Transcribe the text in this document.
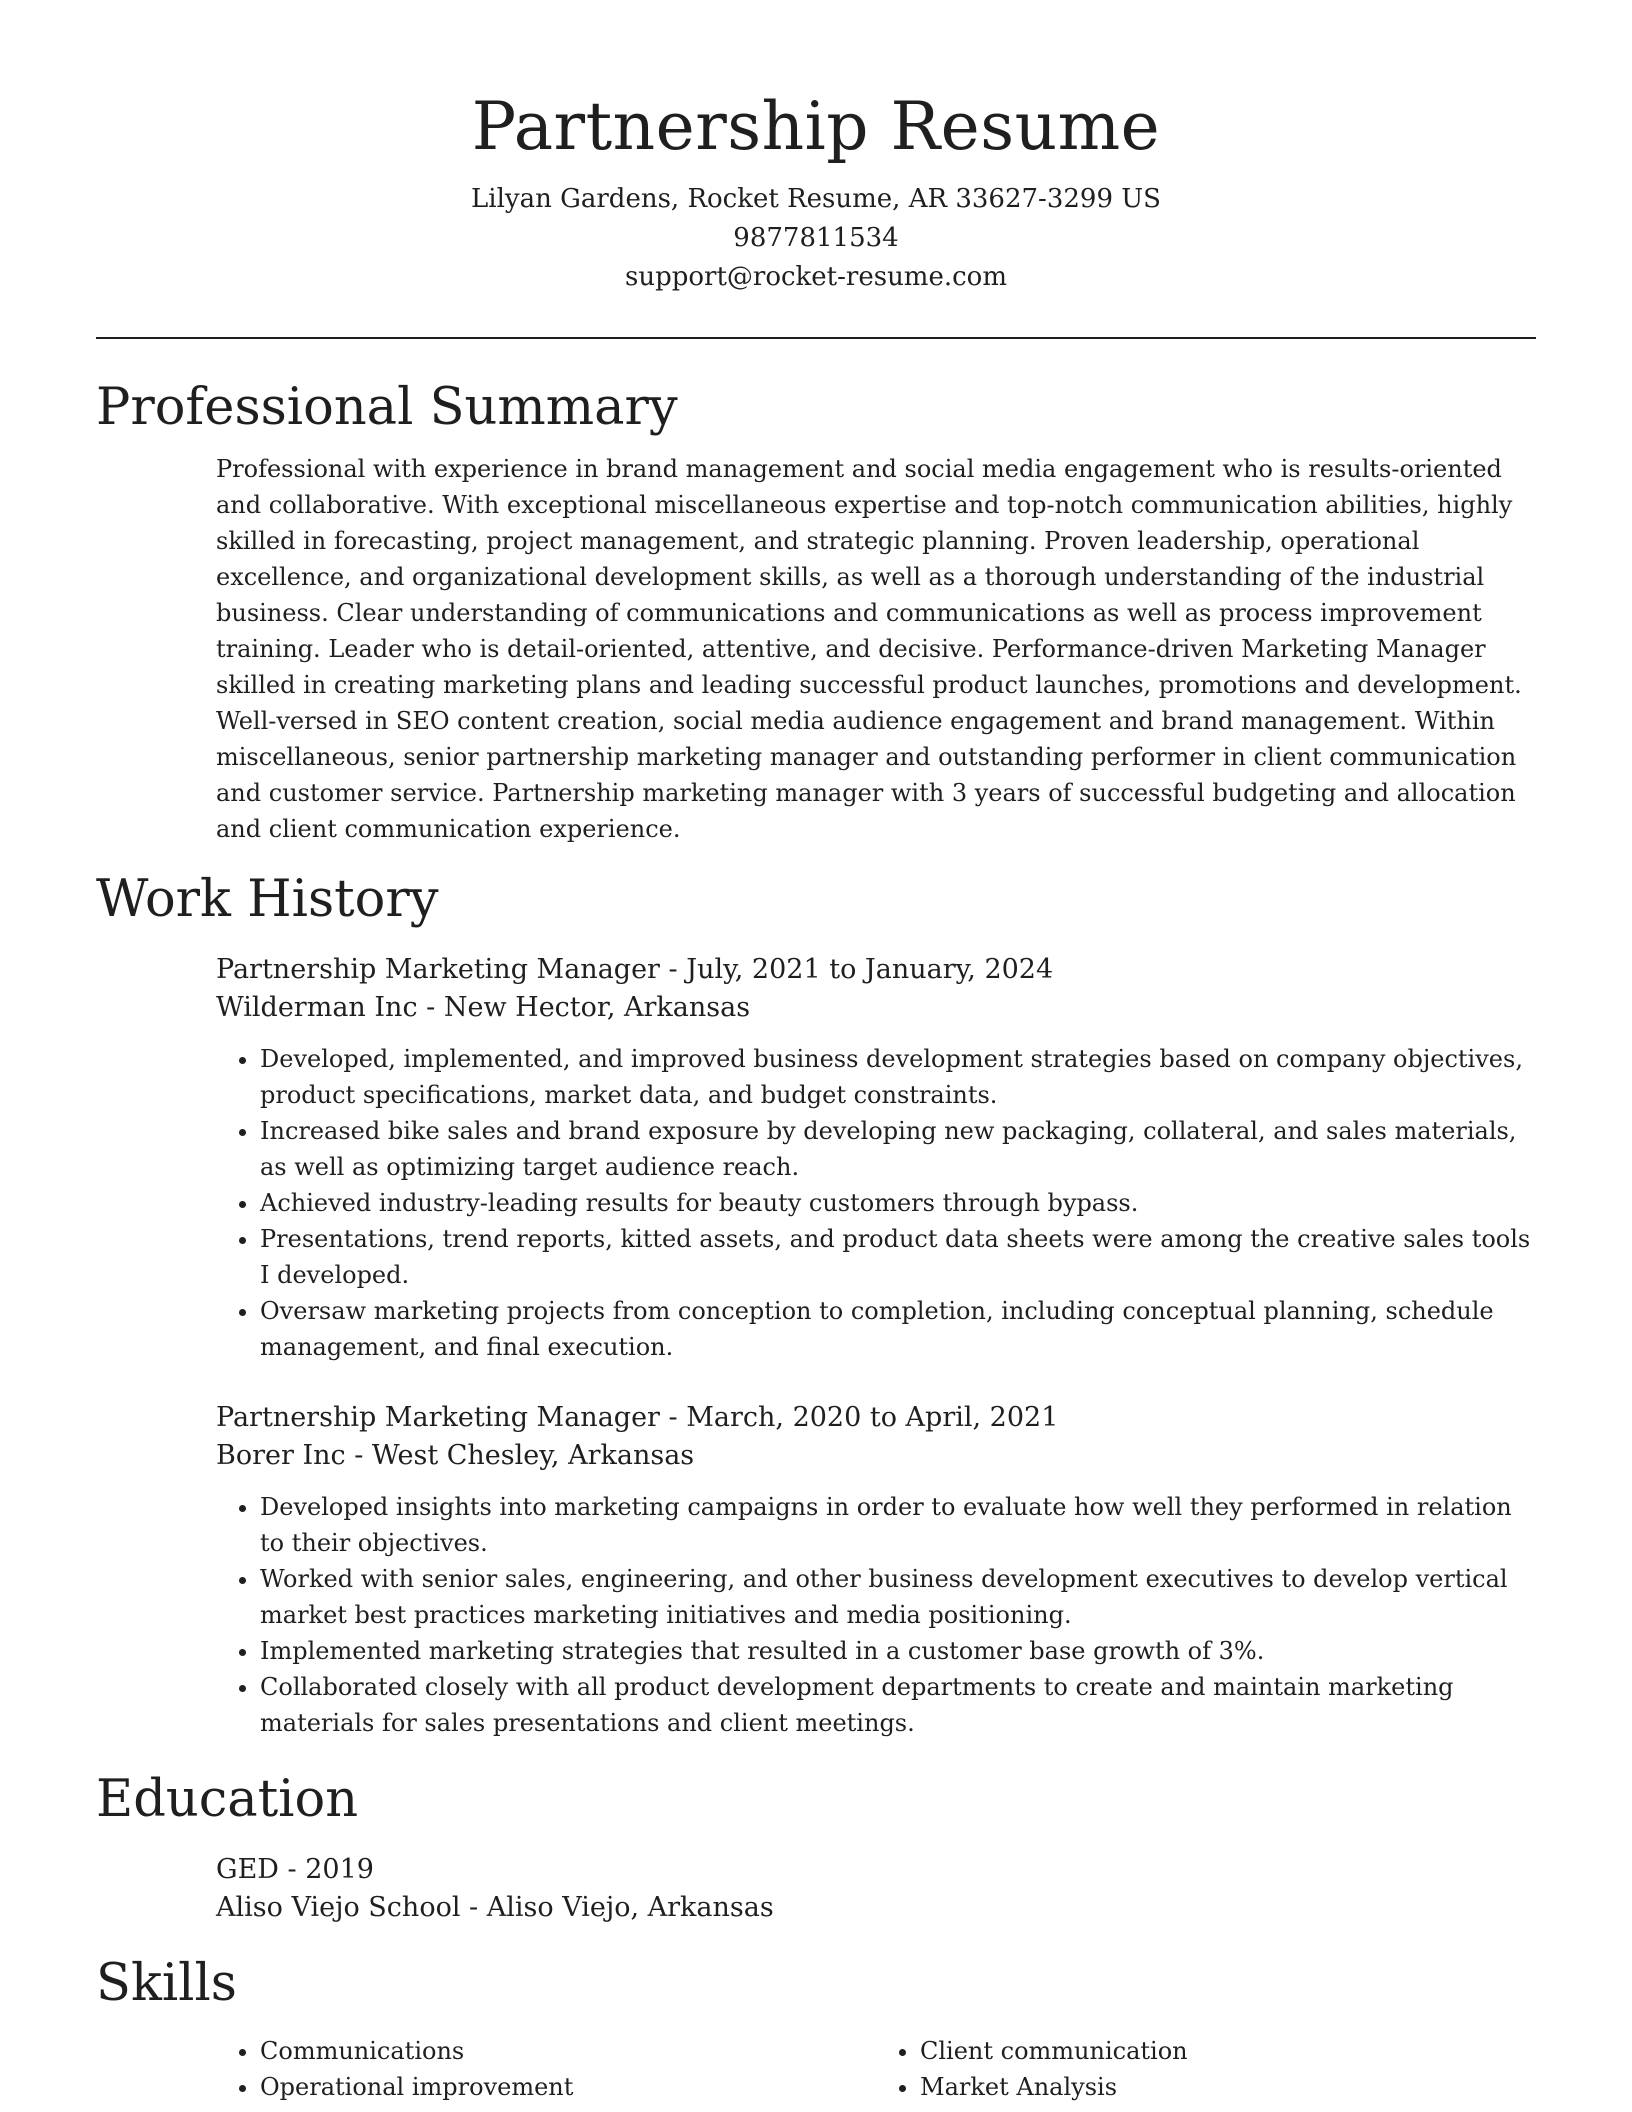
Partnership Resume
Lilyan Gardens, Rocket Resume, AR 33627-3299 US
9877811534
support@rocket-resume.com
Professional Summary
Professional with experience in brand management and social media engagement who is results-oriented and collaborative. With exceptional miscellaneous expertise and top-notch communication abilities, highly skilled in forecasting, project management, and strategic planning. Proven leadership, operational excellence, and organizational development skills, as well as a thorough understanding of the industrial business. Clear understanding of communications and communications as well as process improvement training. Leader who is detail-oriented, attentive, and decisive. Performance-driven Marketing Manager skilled in creating marketing plans and leading successful product launches, promotions and development. Well-versed in SEO content creation, social media audience engagement and brand management. Within miscellaneous, senior partnership marketing manager and outstanding performer in client communication and customer service. Partnership marketing manager with 3 years of successful budgeting and allocation and client communication experience.
Work History
Partnership Marketing Manager - July, 2021 to January, 2024
Wilderman Inc - New Hector, Arkansas
• Developed, implemented, and improved business development strategies based on company objectives, product specifications, market data, and budget constraints.
• Increased bike sales and brand exposure by developing new packaging, collateral, and sales materials, as well as optimizing target audience reach.
• Achieved industry-leading results for beauty customers through bypass.
• Presentations, trend reports, kitted assets, and product data sheets were among the creative sales tools I developed.
• Oversaw marketing projects from conception to completion, including conceptual planning, schedule management, and final execution.
Partnership Marketing Manager - March, 2020 to April, 2021
Borer Inc - West Chesley, Arkansas
• Developed insights into marketing campaigns in order to evaluate how well they performed in relation to their objectives.
• Worked with senior sales, engineering, and other business development executives to develop vertical market best practices marketing initiatives and media positioning.
• Implemented marketing strategies that resulted in a customer base growth of 3%.
• Collaborated closely with all product development departments to create and maintain marketing materials for sales presentations and client meetings.
Education
GED - 2019
Aliso Viejo School - Aliso Viejo, Arkansas
Skills
• Communications
• Operational improvement
• Client communication
• Market Analysis
